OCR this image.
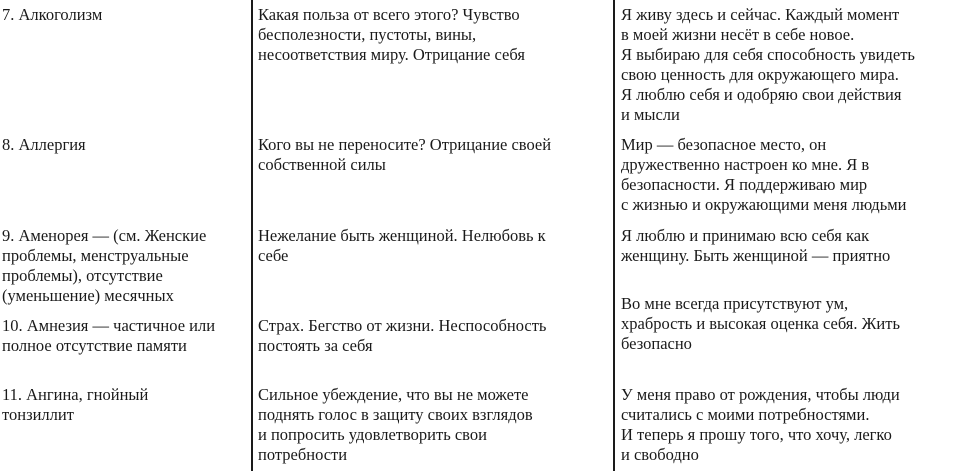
7. Алкоголизм	Какая польза от всего этого? Чувство
бесполезности, пустоты, вины,
несоответствия миру. Отрицание себя
Я живу здесь и сейчас. Каждый момент
в моей жизни несёт в себе новое.
Я выбираю для себя способность увидеть
свою ценность для окружающего мира.
Я люблю себя и одобряю свои действия
и мысли
8. Аллергия	Кого вы не переносите? Отрицание своей
собственной силы
Мир — безопасное место, он
дружественно настроен ко мне. Я в
безопасности. Я поддерживаю мир
с жизнью и окружающими меня людьми
9. Аменорея — (см. Женские
проблемы, менструальные
проблемы), отсутствие
(уменьшение) месячных
Нежелание быть женщиной. Нелюбовь к
себе
Я люблю и принимаю всю себя как
женщину. Быть женщиной — приятно
10. Амнезия — частичное или
полное отсутствие памяти
Страх. Бегство от жизни. Неспособность
постоять за себя
Во мне всегда присутствуют ум,
храбрость и высокая оценка себя. Жить
безопасно
11. Ангина, гнойный
тонзиллит
Сильное убеждение, что вы не можете
поднять голос в защиту своих взглядов
и попросить удовлетворить свои
потребности
У меня право от рождения, чтобы люди
считались с моими потребностями.
И теперь я прошу того, что хочу, легко
и свободно
